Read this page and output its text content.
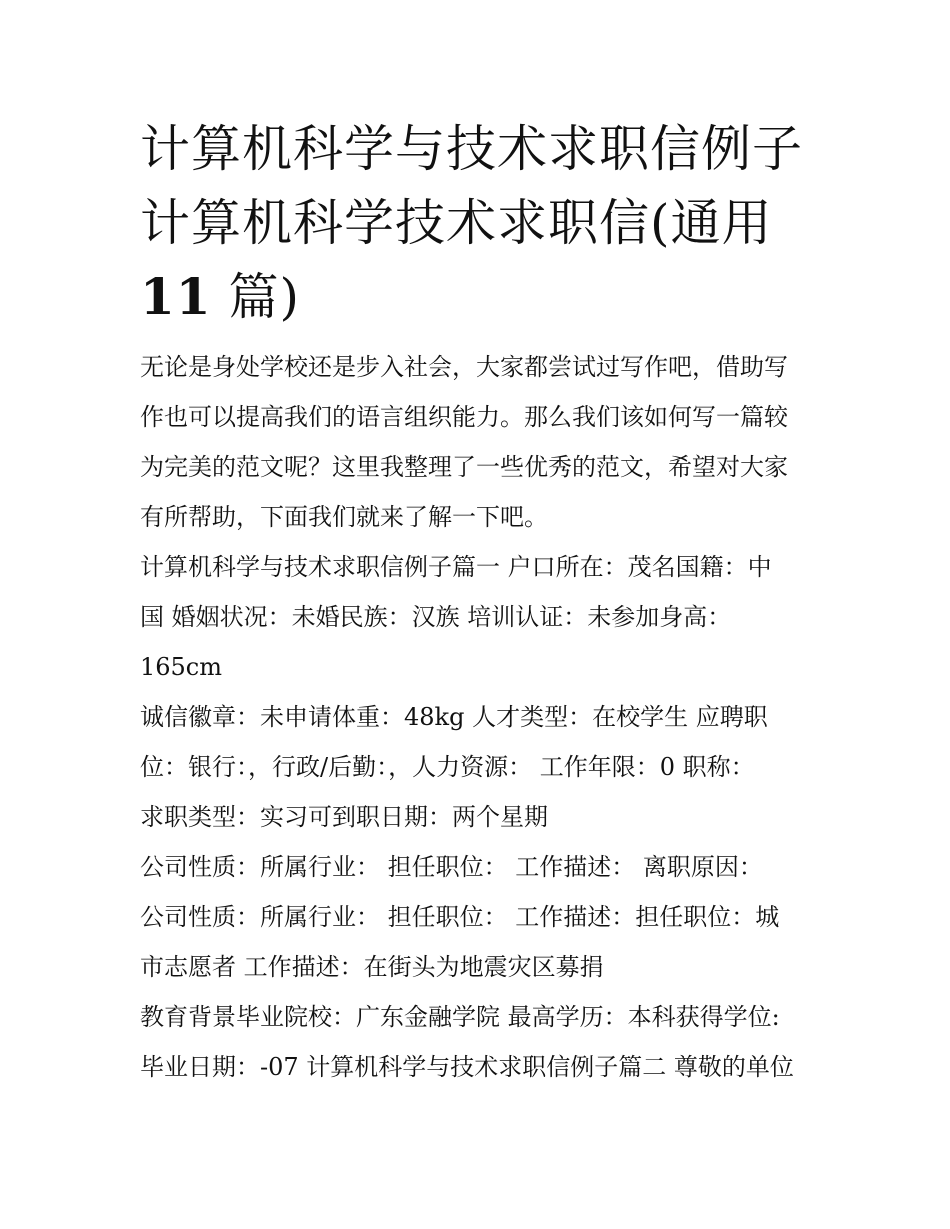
计算机科学与技术求职信例子
计算机科学技术求职信(通用
11 篇)

无论是身处学校还是步入社会，大家都尝试过写作吧，借助写
作也可以提高我们的语言组织能力。那么我们该如何写一篇较
为完美的范文呢？这里我整理了一些优秀的范文，希望对大家
有所帮助，下面我们就来了解一下吧。

计算机科学与技术求职信例子篇一 户口所在：茂名国籍：中
国 婚姻状况：未婚民族：汉族 培训认证：未参加身高：
165cm

诚信徽章：未申请体重：48kg 人才类型：在校学生 应聘职
位：银行：，行政/后勤：，人力资源： 工作年限：0 职称：
求职类型：实习可到职日期：两个星期

公司性质：所属行业： 担任职位： 工作描述： 离职原因：

公司性质：所属行业： 担任职位： 工作描述：担任职位：城
市志愿者 工作描述：在街头为地震灾区募捐

教育背景毕业院校：广东金融学院 最高学历：本科获得学位:
毕业日期：-07 计算机科学与技术求职信例子篇二 尊敬的单位
